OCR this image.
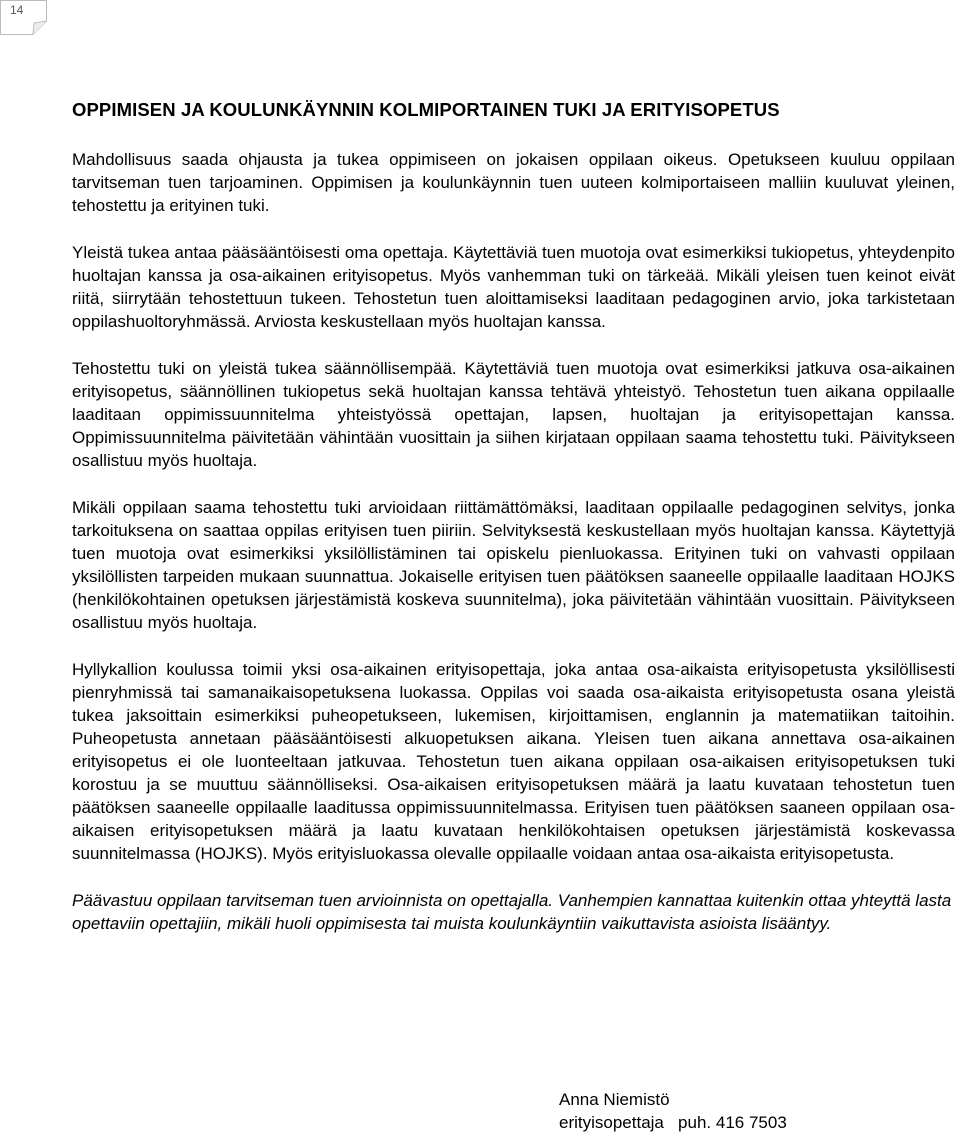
14
OPPIMISEN JA KOULUNKÄYNNIN KOLMIPORTAINEN TUKI JA ERITYISOPETUS

Mahdollisuus saada ohjausta ja tukea oppimiseen on jokaisen oppilaan oikeus. Opetukseen kuuluu oppilaan tarvitseman tuen tarjoaminen. Oppimisen ja koulunkäynnin tuen uuteen kolmiportaiseen malliin kuuluvat yleinen, tehostettu ja erityinen tuki.

Yleistä tukea antaa pääsääntöisesti oma opettaja. Käytettäviä tuen muotoja ovat esimerkiksi tukiopetus, yhteydenpito huoltajan kanssa ja osa-aikainen erityisopetus. Myös vanhemman tuki on tärkeää. Mikäli yleisen tuen keinot eivät riitä, siirrytään tehostettuun tukeen. Tehostetun tuen aloittamiseksi laaditaan pedagoginen arvio, joka tarkistetaan oppilashuoltoryhmässä. Arviosta keskustellaan myös huoltajan kanssa.

Tehostettu tuki on yleistä tukea säännöllisempää. Käytettäviä tuen muotoja ovat esimerkiksi jatkuva osa-aikainen erityisopetus, säännöllinen tukiopetus sekä huoltajan kanssa tehtävä yhteistyö. Tehostetun tuen aikana oppilaalle laaditaan oppimissuunnitelma yhteistyössä opettajan, lapsen, huoltajan ja erityisopettajan kanssa. Oppimissuunnitelma päivitetään vähintään vuosittain ja siihen kirjataan oppilaan saama tehostettu tuki. Päivitykseen osallistuu myös huoltaja.

Mikäli oppilaan saama tehostettu tuki arvioidaan riittämättömäksi, laaditaan oppilaalle pedagoginen selvitys, jonka tarkoituksena on saattaa oppilas erityisen tuen piiriin. Selvityksestä keskustellaan myös huoltajan kanssa. Käytettyjä tuen muotoja ovat esimerkiksi yksilöllistäminen tai opiskelu pienluokassa. Erityinen tuki on vahvasti oppilaan yksilöllisten tarpeiden mukaan suunnattua. Jokaiselle erityisen tuen päätöksen saaneelle oppilaalle laaditaan HOJKS (henkilökohtainen opetuksen järjestämistä koskeva suunnitelma), joka päivitetään vähintään vuosittain. Päivitykseen osallistuu myös huoltaja.

Hyllykallion koulussa toimii yksi osa-aikainen erityisopettaja, joka antaa osa-aikaista erityisopetusta yksilöllisesti pienryhmissä tai samanaikaisopetuksena luokassa. Oppilas voi saada osa-aikaista erityisopetusta osana yleistä tukea jaksoittain esimerkiksi puheopetukseen, lukemisen, kirjoittamisen, englannin ja matematiikan taitoihin. Puheopetusta annetaan pääsääntöisesti alkuopetuksen aikana. Yleisen tuen aikana annettava osa-aikainen erityisopetus ei ole luonteeltaan jatkuvaa. Tehostetun tuen aikana oppilaan osa-aikaisen erityisopetuksen tuki korostuu ja se muuttuu säännölliseksi. Osa-aikaisen erityisopetuksen määrä ja laatu kuvataan tehostetun tuen päätöksen saaneelle oppilaalle laaditussa oppimissuunnitelmassa. Erityisen tuen päätöksen saaneen oppilaan osa-aikaisen erityisopetuksen määrä ja laatu kuvataan henkilökohtaisen opetuksen järjestämistä koskevassa suunnitelmassa (HOJKS). Myös erityisluokassa olevalle oppilaalle voidaan antaa osa-aikaista erityisopetusta.

Päävastuu oppilaan tarvitseman tuen arvioinnista on opettajalla. Vanhempien kannattaa kuitenkin ottaa yhteyttä lasta opettaviin opettajiin, mikäli huoli oppimisesta tai muista koulunkäyntiin vaikuttavista asioista lisääntyy.

Anna Niemistö
erityisopettaja   puh. 416 7503
